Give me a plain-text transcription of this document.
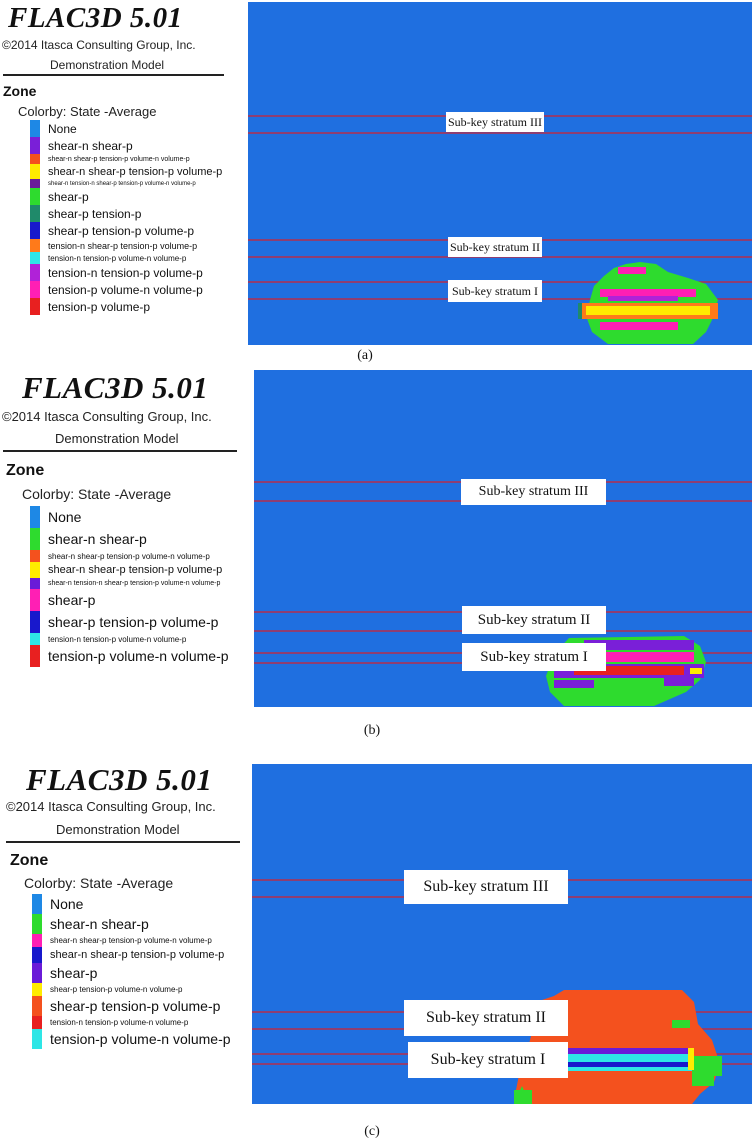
FLAC3D 5.01
©2014 Itasca Consulting Group, Inc.
Demonstration Model
Zone
Colorby: State -Average
None
shear-n shear-p
shear-n shear-p tension-p volume-n volume-p
shear-n shear-p tension-p volume-p
shear-n tension-n shear-p tension-p volume-n volume-p
shear-p
shear-p tension-p
shear-p tension-p volume-p
tension-n shear-p tension-p volume-p
tension-n tension-p volume-n volume-p
tension-n tension-p volume-p
tension-p volume-n volume-p
tension-p volume-p
Sub-key stratum III
Sub-key stratum II
Sub-key stratum I
(a)
FLAC3D 5.01
©2014 Itasca Consulting Group, Inc.
Demonstration Model
Zone
Colorby: State -Average
None
shear-n shear-p
shear-n shear-p tension-p volume-n volume-p
shear-n shear-p tension-p volume-p
shear-n tension-n shear-p tension-p volume-n volume-p
shear-p
shear-p tension-p volume-p
tension-n tension-p volume-n volume-p
tension-p volume-n volume-p
Sub-key stratum III
Sub-key stratum II
Sub-key stratum I
(b)
FLAC3D 5.01
©2014 Itasca Consulting Group, Inc.
Demonstration Model
Zone
Colorby: State -Average
None
shear-n shear-p
shear-n shear-p tension-p volume-n volume-p
shear-n shear-p tension-p volume-p
shear-p
shear-p tension-p volume-n volume-p
shear-p tension-p volume-p
tension-n tension-p volume-n volume-p
tension-p volume-n volume-p
Sub-key stratum III
Sub-key stratum II
Sub-key stratum I
(c)
